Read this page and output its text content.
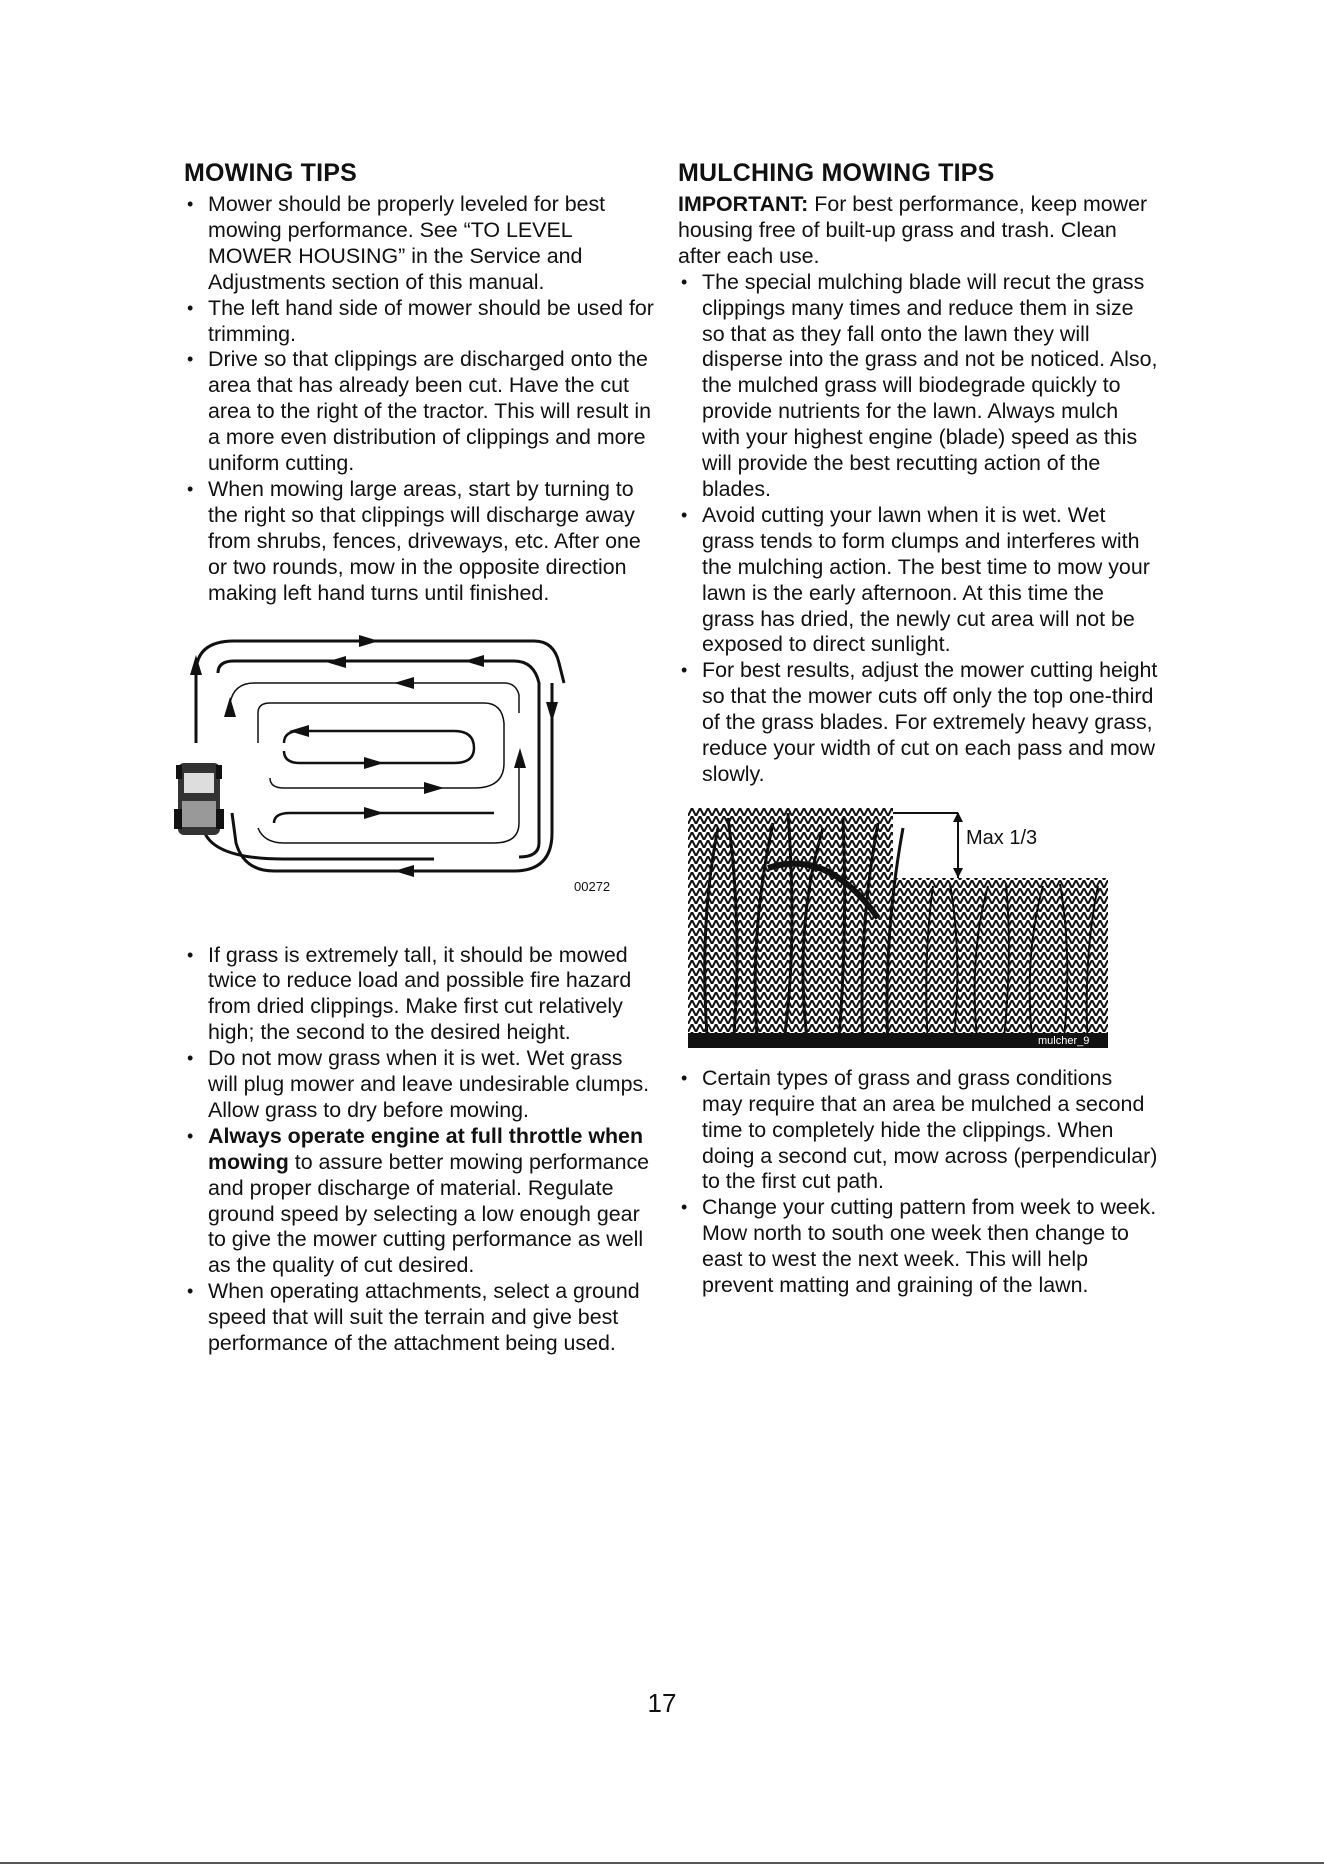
MOWING TIPS
• Mower should be properly leveled for best mowing performance. See “TO LEVEL MOWER HOUSING” in the Service and Adjustments section of this manual.
• The left hand side of mower should be used for trimming.
• Drive so that clippings are discharged onto the area that has already been cut. Have the cut area to the right of the tractor. This will result in a more even distribution of clippings and more uniform cutting.
• When mowing large areas, start by turning to the right so that clippings will discharge away from shrubs, fences, driveways, etc. After one or two rounds, mow in the opposite direction making left hand turns until finished.
00272
• If grass is extremely tall, it should be mowed twice to reduce load and possible fire hazard from dried clippings. Make first cut relatively high; the second to the desired height.
• Do not mow grass when it is wet. Wet grass will plug mower and leave undesirable clumps. Allow grass to dry before mowing.
• Always operate engine at full throttle when mowing to assure better mowing performance and proper discharge of material. Regulate ground speed by selecting a low enough gear to give the mower cutting performance as well as the quality of cut desired.
• When operating attachments, select a ground speed that will suit the terrain and give best performance of the attachment being used.
MULCHING MOWING TIPS

IMPORTANT: For best performance, keep mower housing free of built-up grass and trash. Clean after each use.

• The special mulching blade will recut the grass clippings many times and reduce them in size so that as they fall onto the lawn they will disperse into the grass and not be noticed. Also, the mulched grass will biodegrade quickly to provide nutrients for the lawn. Always mulch with your highest engine (blade) speed as this will provide the best recutting action of the blades.
• Avoid cutting your lawn when it is wet. Wet grass tends to form clumps and interferes with the mulching action. The best time to mow your lawn is the early afternoon. At this time the grass has dried, the newly cut area will not be exposed to direct sunlight.
• For best results, adjust the mower cutting height so that the mower cuts off only the top one-third of the grass blades. For extremely heavy grass, reduce your width of cut on each pass and mow slowly.
Max 1/3
mulcher_9
• Certain types of grass and grass conditions may require that an area be mulched a second time to completely hide the clippings. When doing a second cut, mow across (perpendicular) to the first cut path.
• Change your cutting pattern from week to week. Mow north to south one week then change to east to west the next week. This will help prevent matting and graining of the lawn.
17
